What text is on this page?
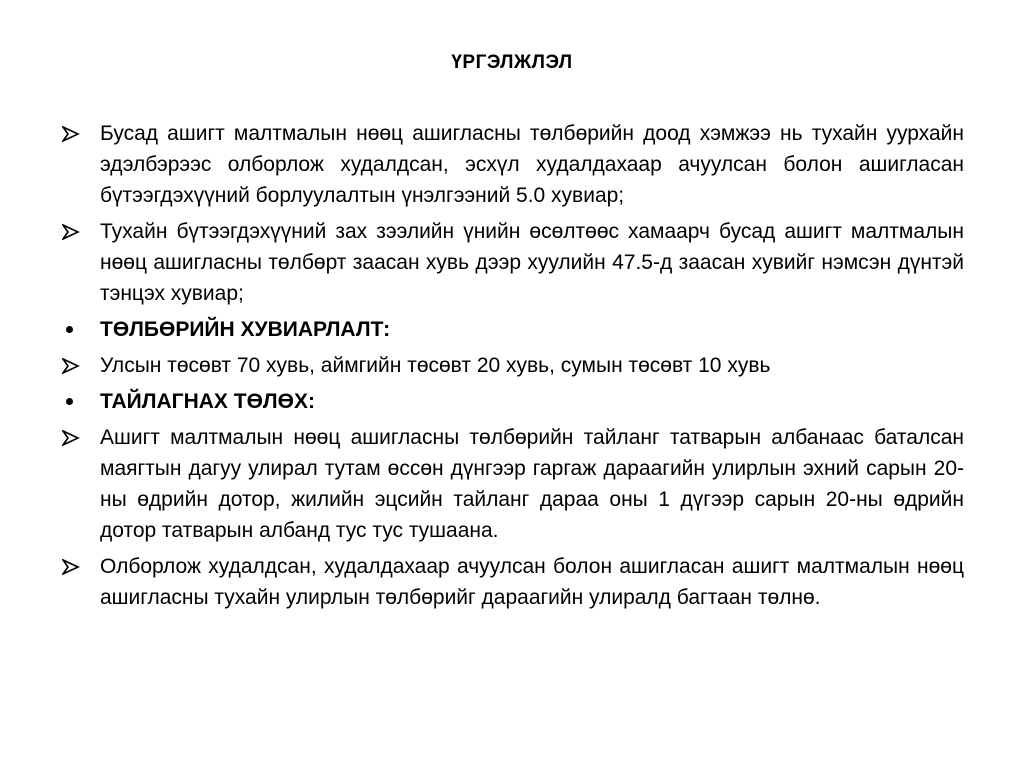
ҮРГЭЛЖЛЭЛ
Бусад ашигт малтмалын нөөц ашигласны төлбөрийн доод хэмжээ нь тухайн уурхайн эдэлбэрээс олборлож худалдсан, эсхүл худалдахаар ачуулсан болон ашигласан бүтээгдэхүүний борлуулалтын үнэлгээний 5.0 хувиар;
Тухайн бүтээгдэхүүний зах зээлийн үнийн өсөлтөөс хамаарч бусад ашигт малтмалын нөөц ашигласны төлбөрт заасан хувь дээр хуулийн 47.5-д заасан хувийг нэмсэн дүнтэй тэнцэх хувиар;
ТӨЛБӨРИЙН ХУВИАРЛАЛТ:
Улсын төсөвт 70 хувь, аймгийн төсөвт 20 хувь, сумын төсөвт 10 хувь
ТАЙЛАГНАХ ТӨЛӨХ:
Ашигт малтмалын нөөц ашигласны төлбөрийн тайланг татварын албанаас баталсан маягтын дагуу улирал тутам өссөн дүнгээр гаргаж дараагийн улирлын эхний сарын 20-ны өдрийн дотор, жилийн эцсийн тайланг дараа оны 1 дүгээр сарын 20-ны өдрийн дотор татварын албанд тус тус тушаана.
Олборлож худалдсан, худалдахаар ачуулсан болон ашигласан ашигт малтмалын нөөц ашигласны тухайн улирлын төлбөрийг дараагийн улиралд багтаан төлнө.
